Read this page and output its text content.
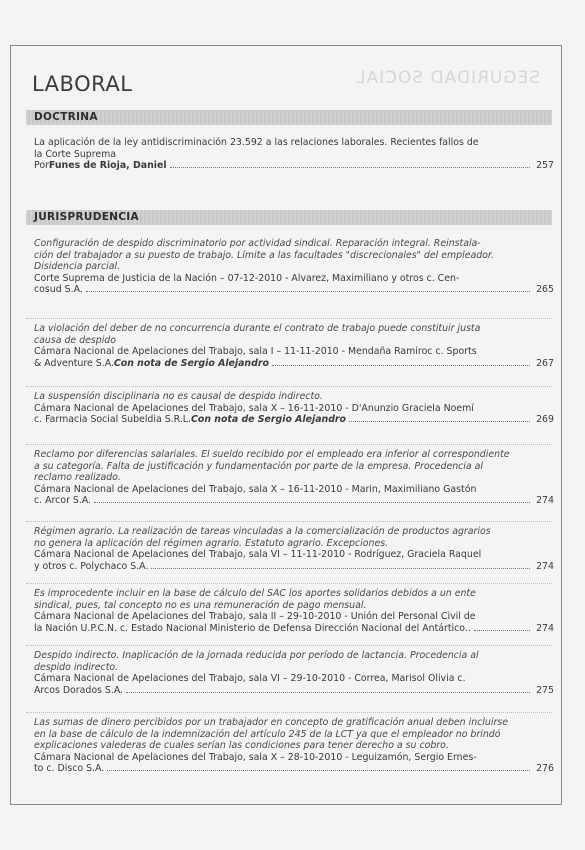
SEGURIDAD SOCIAL
LABORAL
DOCTRINA
La aplicación de la ley antidiscriminación 23.592 a las relaciones laborales. Recientes fallos de
la Corte Suprema
Por Funes de Rioja, Daniel	257
JURISPRUDENCIA
Configuración de despido discriminatorio por actividad sindical. Reparación integral. Reinstala-
ción del trabajador a su puesto de trabajo. Límite a las facultades "discrecionales" del empleador.
Disidencia parcial.
Corte Suprema de Justicia de la Nación – 07-12-2010 - Alvarez, Maximiliano y otros c. Cen-
cosud S.A.	265
La violación del deber de no concurrencia durante el contrato de trabajo puede constituir justa
causa de despido
Cámara Nacional de Apelaciones del Trabajo, sala I – 11-11-2010 - Mendaña Ramiroc c. Sports
& Adventure S.A. Con nota de Sergio Alejandro	267
La suspensión disciplinaria no es causal de despido indirecto.
Cámara Nacional de Apelaciones del Trabajo, sala X – 16-11-2010 - D'Anunzio Graciela Noemí
c. Farmacia Social Subeldia S.R.L. Con nota de Sergio Alejandro	269
Reclamo por diferencias salariales. El sueldo recibido por el empleado era inferior al correspondiente
a su categoría. Falta de justificación y fundamentación por parte de la empresa. Procedencia al
reclamo realizado.
Cámara Nacional de Apelaciones del Trabajo, sala X – 16-11-2010 - Marin, Maximiliano Gastón
c. Arcor S.A.	274
Régimen agrario. La realización de tareas vinculadas a la comercialización de productos agrarios
no genera la aplicación del régimen agrario. Estatuto agrario. Excepciones.
Cámara Nacional de Apelaciones del Trabajo, sala VI – 11-11-2010 - Rodríguez, Graciela Raquel
y otros c. Polychaco S.A.	274
Es improcedente incluir en la base de cálculo del SAC los aportes solidarios debidos a un ente
sindical, pues, tal concepto no es una remuneración de pago mensual.
Cámara Nacional de Apelaciones del Trabajo, sala II – 29-10-2010 - Unión del Personal Civil de
la Nación U.P.C.N. c. Estado Nacional Ministerio de Defensa Dirección Nacional del Antártico..	274
Despido indirecto. Inaplicación de la jornada reducida por período de lactancia. Procedencia al
despido indirecto.
Cámara Nacional de Apelaciones del Trabajo, sala VI – 29-10-2010 - Correa, Marisol Olivia c.
Arcos Dorados S.A.	275
Las sumas de dinero percibidos por un trabajador en concepto de gratificación anual deben incluirse
en la base de cálculo de la indemnización del artículo 245 de la LCT ya que el empleador no brindó
explicaciones valederas de cuales serían las condiciones para tener derecho a su cobro.
Cámara Nacional de Apelaciones del Trabajo, sala X – 28-10-2010 - Leguizamón, Sergio Ernes-
to c. Disco S.A.	276
